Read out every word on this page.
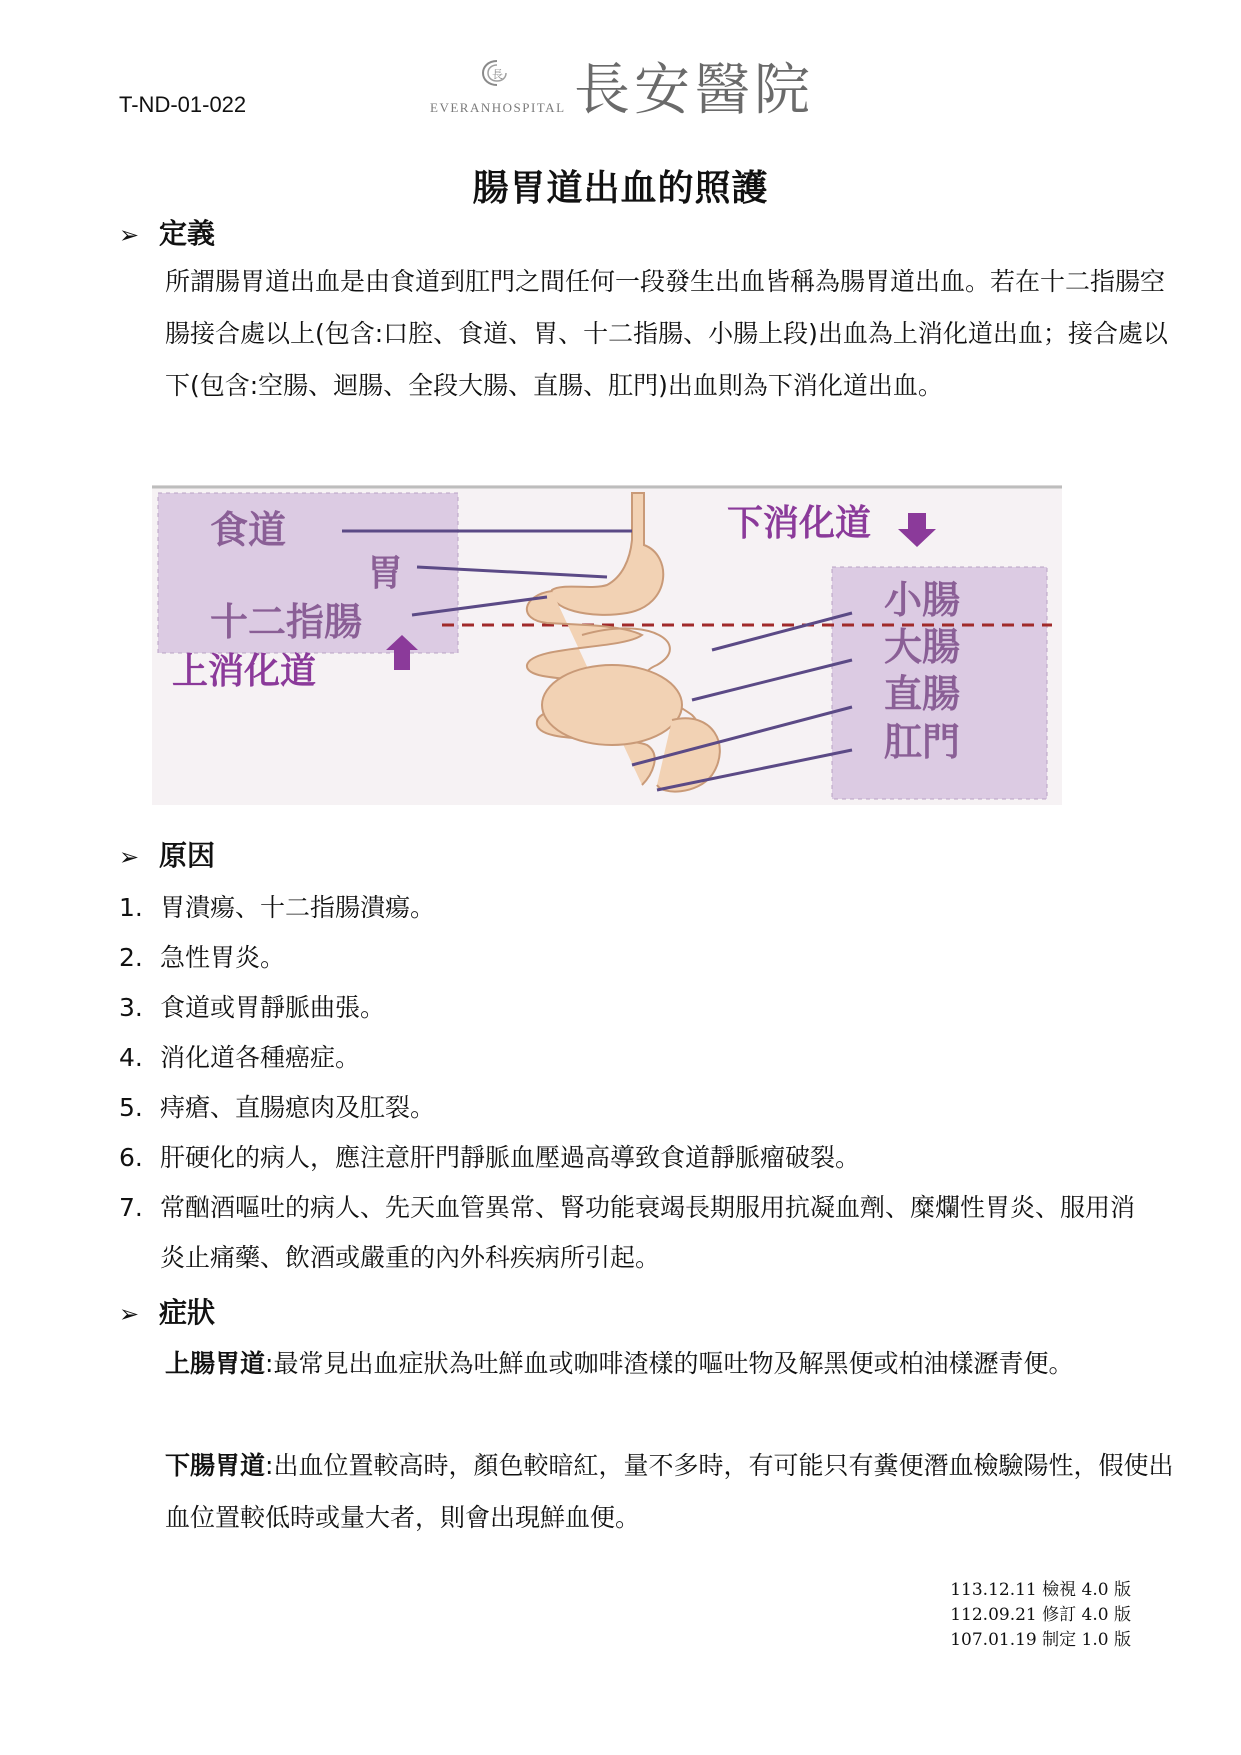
T-ND-01-022
長
EVERANHOSPITAL 長安醫院
腸胃道出血的照護
➢ 定義
所謂腸胃道出血是由食道到肛門之間任何一段發生出血皆稱為腸胃道出血。若在十二指腸空腸接合處以上(包含:口腔、食道、胃、十二指腸、小腸上段)出血為上消化道出血；接合處以下(包含:空腸、迴腸、全段大腸、直腸、肛門)出血則為下消化道出血。
食道
胃
十二指腸
上消化道
下消化道
小腸
大腸
直腸
肛門
➢ 原因
1. 胃潰瘍、十二指腸潰瘍。
2. 急性胃炎。
3. 食道或胃靜脈曲張。
4. 消化道各種癌症。
5. 痔瘡、直腸瘜肉及肛裂。
6. 肝硬化的病人，應注意肝門靜脈血壓過高導致食道靜脈瘤破裂。
7. 常酗酒嘔吐的病人、先天血管異常、腎功能衰竭長期服用抗凝血劑、糜爛性胃炎、服用消炎止痛藥、飲酒或嚴重的內外科疾病所引起。
➢ 症狀
上腸胃道:最常見出血症狀為吐鮮血或咖啡渣樣的嘔吐物及解黑便或柏油樣瀝青便。
下腸胃道:出血位置較高時，顏色較暗紅，量不多時，有可能只有糞便潛血檢驗陽性，假使出血位置較低時或量大者，則會出現鮮血便。
113.12.11 檢視 4.0 版
112.09.21 修訂 4.0 版
107.01.19 制定 1.0 版
